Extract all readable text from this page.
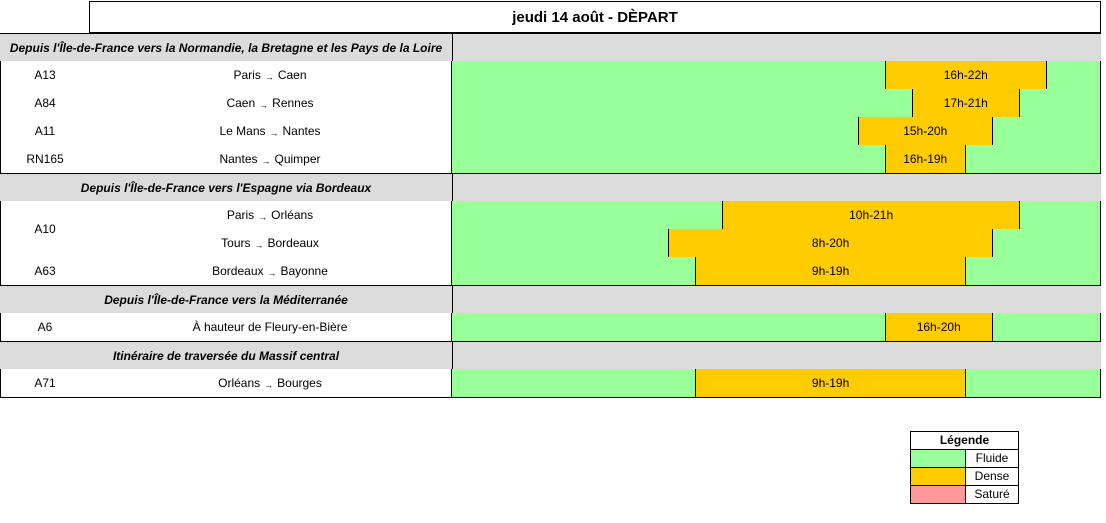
jeudi 14 août - DÈPART
Depuis l'Île-de-France vers la Normandie, la Bretagne et les Pays de la Loire
A13	Paris → Caen	16h-22h
A84	Caen → Rennes	17h-21h
A11	Le Mans → Nantes	15h-20h
RN165	Nantes → Quimper	16h-19h
Depuis l'Île-de-France vers l'Espagne via Bordeaux
A10
Paris → Orléans	10h-21h
Tours → Bordeaux	8h-20h
A63	Bordeaux → Bayonne	9h-19h
Depuis l'Île-de-France vers la Méditerranée
A6	À hauteur de Fleury-en-Bière	16h-20h
Itinéraire de traversée du Massif central
A71	Orléans → Bourges	9h-19h
Légende
Fluide
Dense
Saturé
